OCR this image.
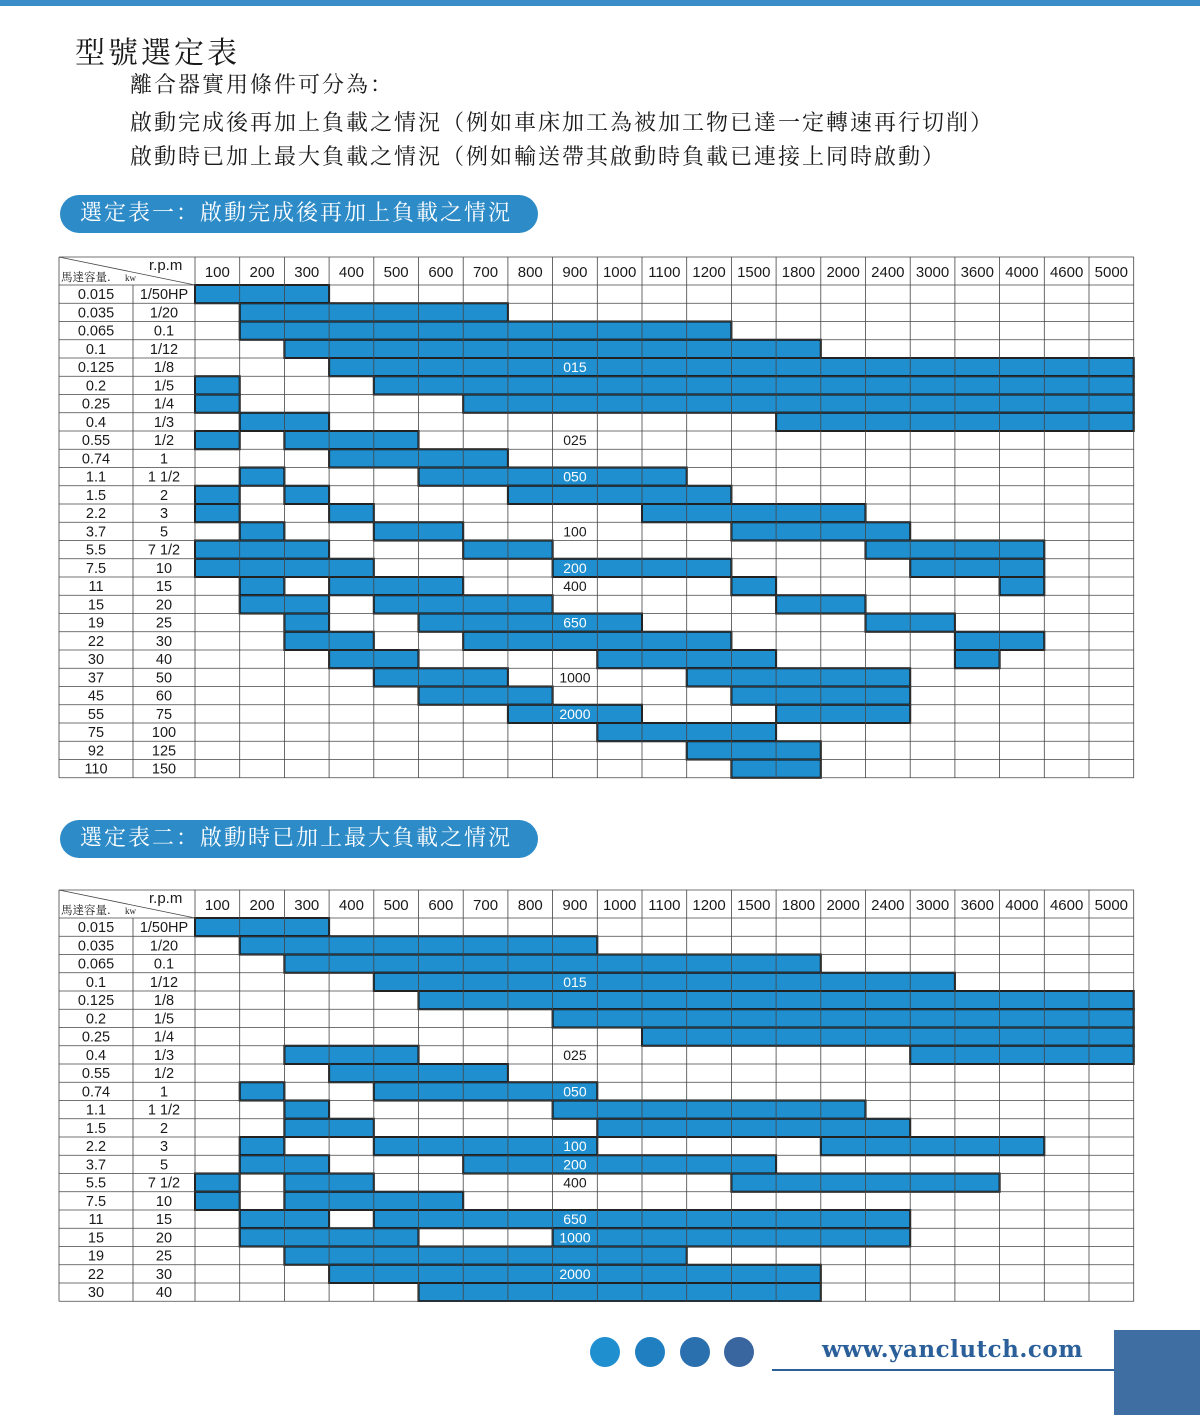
型號選定表
離合器實用條件可分為：
啟動完成後再加上負載之情況（例如車床加工為被加工物已達一定轉速再行切削）
啟動時已加上最大負載之情況（例如輸送帶其啟動時負載已連接上同時啟動）
選定表一：啟動完成後再加上負載之情況
r.p.m
馬達容量. kw	100 200 300 400 500 600 700 800 900 1000 1100 1200 1500 1800 2000 2400 3000 3600 4000 4600 5000
0.015 1/50HP
0.035 1/20
0.065	0.1
0.1	1/12
0.125	1/8
0.2	1/5
0.25	1/4
0.4	1/3
0.55	1/2
0.74	1
1.1	1 1/2
1.5	2
2.2	3
3.7	5
5.5	7 1/2
7.5	10
11	15
15	20
19	25
22	30
30	40
37	50
45	60
55	75
75	100
92	125
110	150
015
025
050
100
200
400
650
1000
2000
選定表二：啟動時已加上最大負載之情況
r.p.m
馬達容量. kw	100 200 300 400 500 600 700 800 900 1000 1100 1200 1500 1800 2000 2400 3000 3600 4000 4600 5000
0.015 1/50HP
0.035 1/20
0.065	0.1
0.1	1/12
0.125	1/8
0.2	1/5
0.25	1/4
0.4	1/3
0.55	1/2
0.74	1
1.1	1 1/2
1.5	2
2.2	3
3.7	5
5.5	7 1/2
7.5	10
11	15
15	20
19	25
22	30
30	40
015
025
050
100
200
400
650
1000
2000
www.yanclutch.com
